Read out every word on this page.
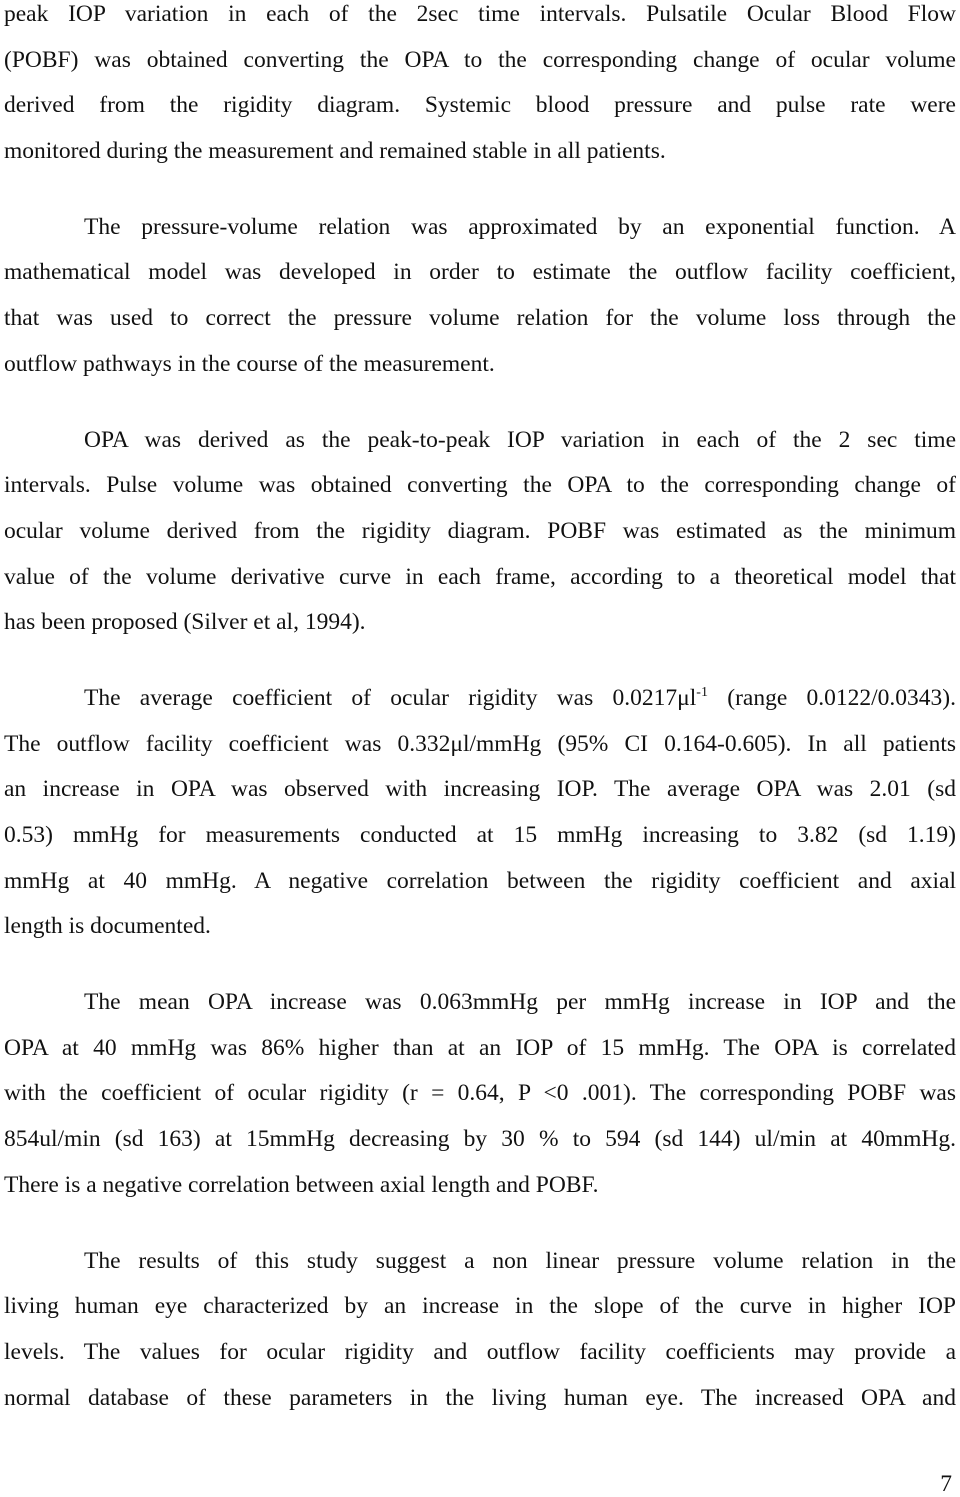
peak IOP variation in each of the 2sec time intervals. Pulsatile Ocular Blood Flow
(POBF) was obtained converting the OPA to the corresponding change of ocular volume
derived from the rigidity diagram. Systemic blood pressure and pulse rate were
monitored during the measurement and remained stable in all patients.
The pressure-volume relation was approximated by an exponential function. A
mathematical model was developed in order to estimate the outflow facility coefficient,
that was used to correct the pressure volume relation for the volume loss through the
outflow pathways in the course of the measurement.
OPA was derived as the peak-to-peak IOP variation in each of the 2 sec time
intervals. Pulse volume was obtained converting the OPA to the corresponding change of
ocular volume derived from the rigidity diagram. POBF was estimated as the minimum
value of the volume derivative curve in each frame, according to a theoretical model that
has been proposed (Silver et al, 1994).
The average coefficient of ocular rigidity was $0.0217\mu l^{-1}$ (range 0.0122/0.0343).
The outflow facility coefficient was 0.332μl/mmHg (95% CI 0.164-0.605). In all patients
an increase in OPA was observed with increasing IOP. The average OPA was 2.01 (sd
0.53) mmHg for measurements conducted at 15 mmHg increasing to 3.82 (sd 1.19)
mmHg at 40 mmHg. A negative correlation between the rigidity coefficient and axial
length is documented.
The mean OPA increase was 0.063mmHg per mmHg increase in IOP and the
OPA at 40 mmHg was 86% higher than at an IOP of 15 mmHg. The OPA is correlated
with the coefficient of ocular rigidity (r = 0.64, P <0 .001). The corresponding POBF was
854ul/min (sd 163) at 15mmHg decreasing by 30 % to 594 (sd 144) ul/min at 40mmHg.
There is a negative correlation between axial length and POBF.
The results of this study suggest a non linear pressure volume relation in the
living human eye characterized by an increase in the slope of the curve in higher IOP
levels. The values for ocular rigidity and outflow facility coefficients may provide a
normal database of these parameters in the living human eye. The increased OPA and
7
